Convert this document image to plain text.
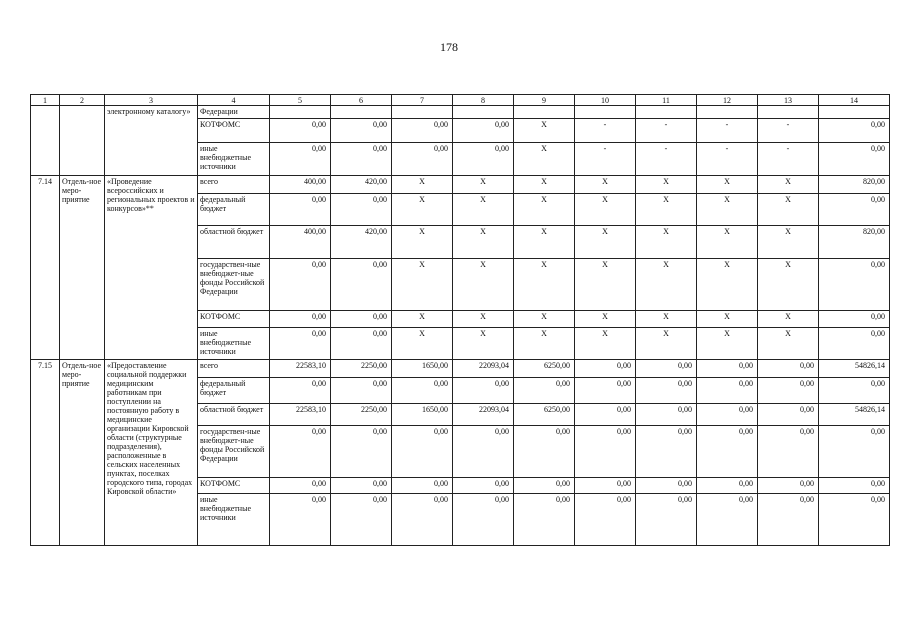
178
1	2	3	4	5	6	7	8	9	10	11	12	13	14
		электронному каталогу»	Федерации										
			КОТФОМС	0,00	0,00	0,00	0,00	X	-	-	-	-	0,00
			иные внебюджетные источники	0,00	0,00	0,00	0,00	X	-	-	-	-	0,00
7.14	Отдель-ное меро-приятие	«Проведение всероссийских и региональных проектов и конкурсов»**	всего	400,00	420,00	X	X	X	X	X	X	X	820,00
			федеральный бюджет	0,00	0,00	X	X	X	X	X	X	X	0,00
			областной бюджет	400,00	420,00	X	X	X	X	X	X	X	820,00
			государствен-ные внебюджет-ные фонды Российской Федерации	0,00	0,00	X	X	X	X	X	X	X	0,00
			КОТФОМС	0,00	0,00	X	X	X	X	X	X	X	0,00
			иные внебюджетные источники	0,00	0,00	X	X	X	X	X	X	X	0,00
7.15	Отдель-ное меро-приятие	«Предоставление социальной поддержки медицинским работникам при поступлении на постоянную работу в медицинские организации Кировской области (структурные подразделения), расположенные в сельских населенных пунктах, поселках городского типа, городах Кировской области»	всего	22583,10	2250,00	1650,00	22093,04	6250,00	0,00	0,00	0,00	0,00	54826,14
			федеральный бюджет	0,00	0,00	0,00	0,00	0,00	0,00	0,00	0,00	0,00	0,00
			областной бюджет	22583,10	2250,00	1650,00	22093,04	6250,00	0,00	0,00	0,00	0,00	54826,14
			государствен-ные внебюджет-ные фонды Российской Федерации	0,00	0,00	0,00	0,00	0,00	0,00	0,00	0,00	0,00	0,00
			КОТФОМС	0,00	0,00	0,00	0,00	0,00	0,00	0,00	0,00	0,00	0,00
			иные внебюджетные источники	0,00	0,00	0,00	0,00	0,00	0,00	0,00	0,00	0,00	0,00
